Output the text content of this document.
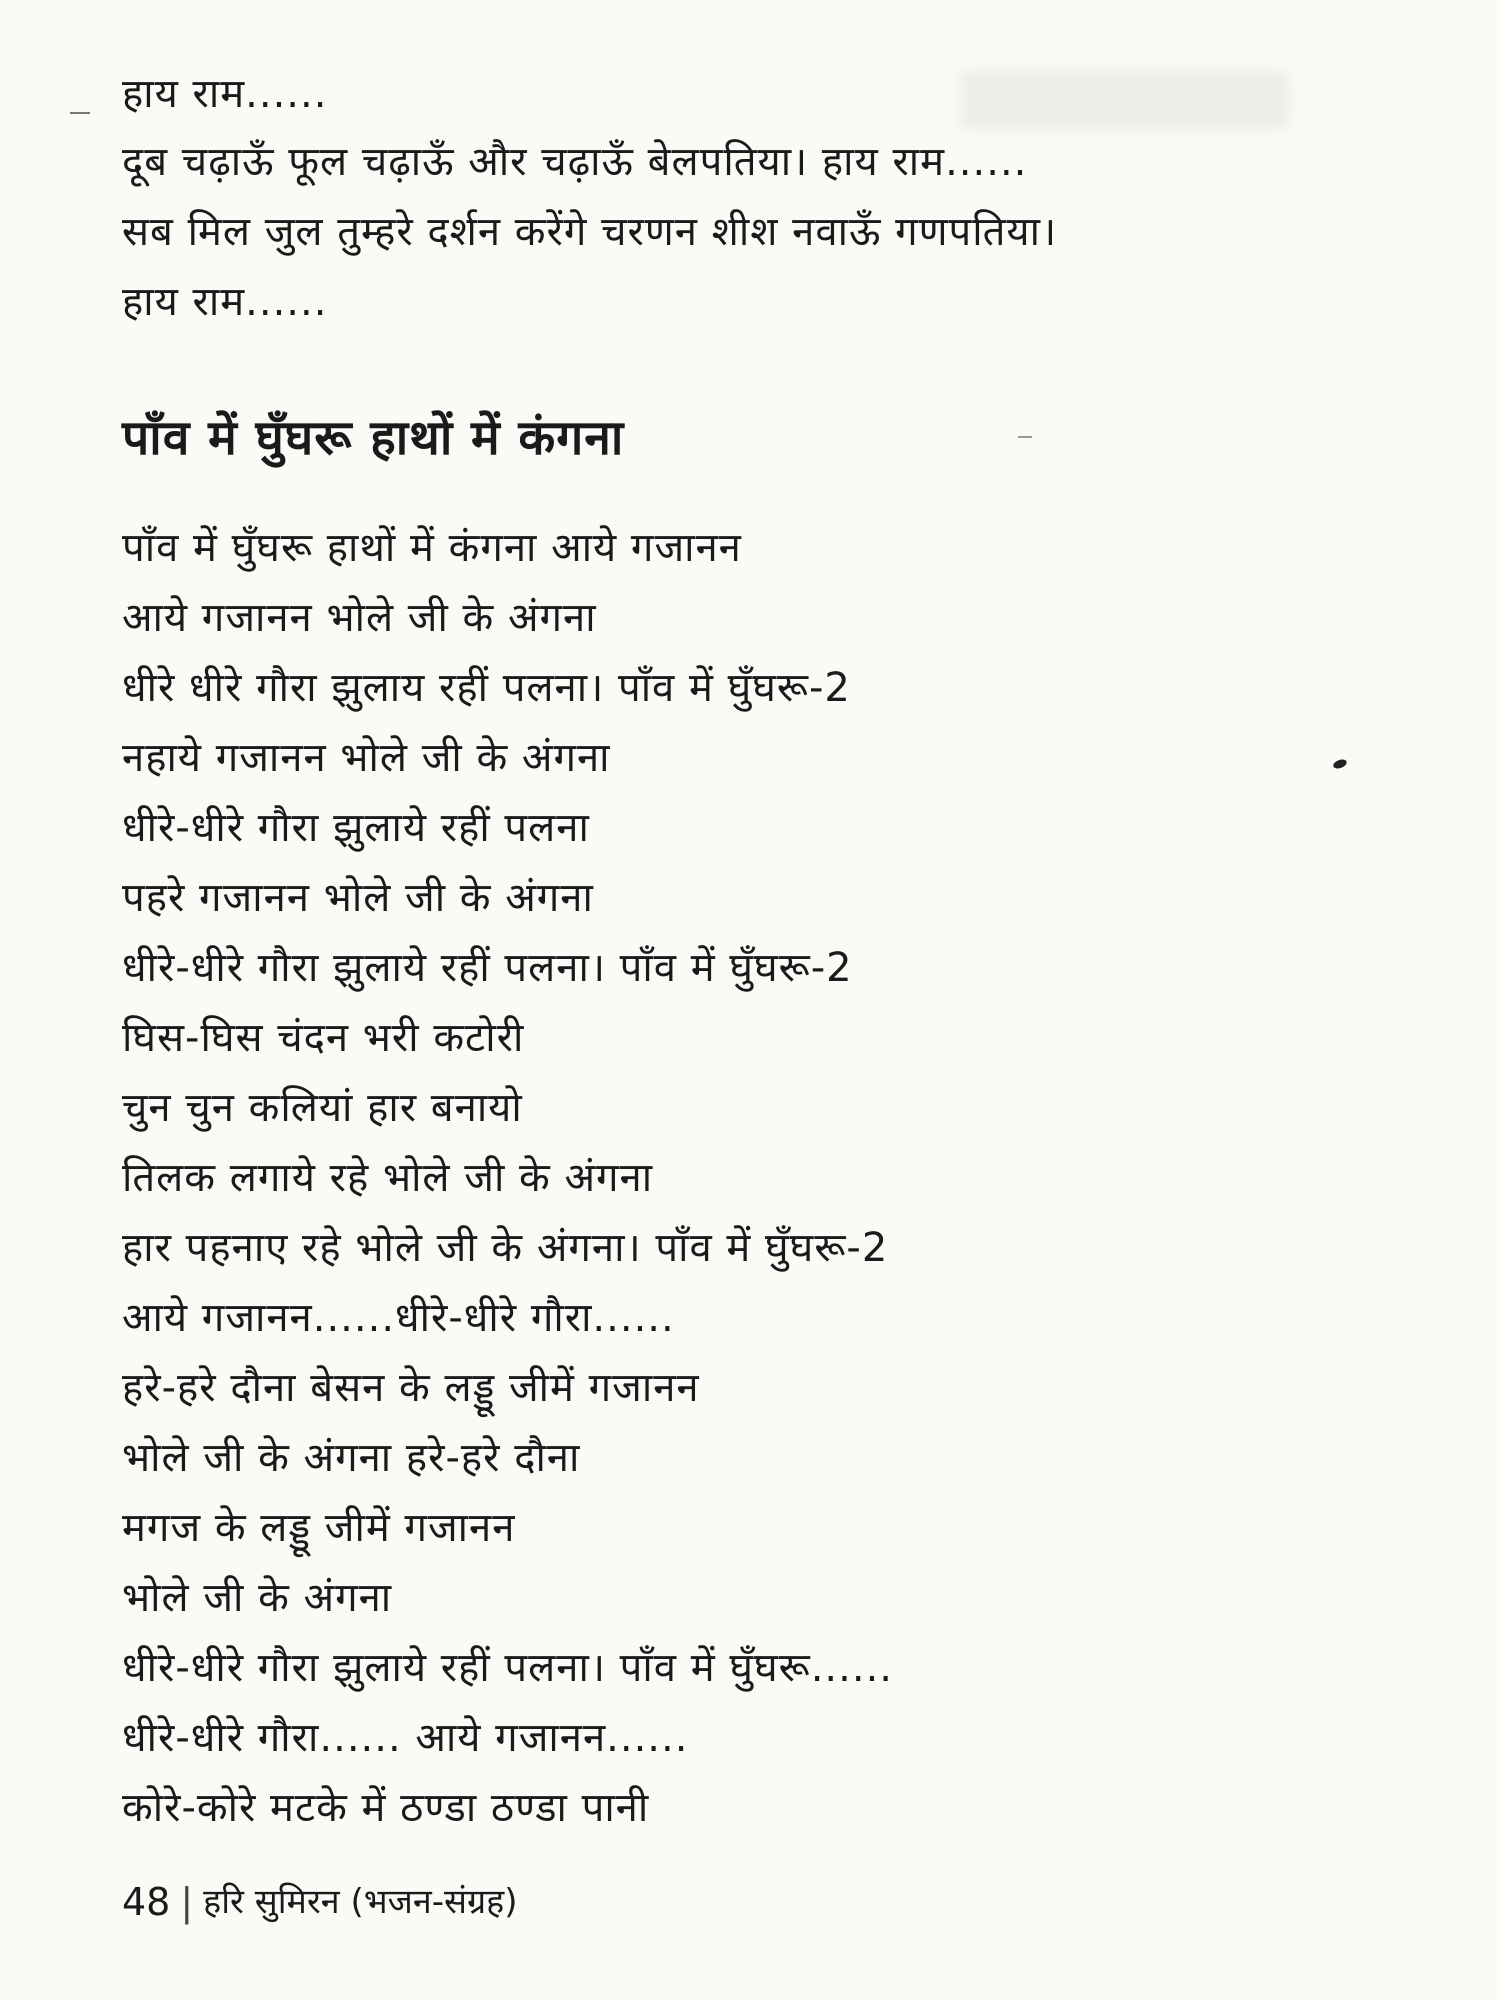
हाय राम......
दूब चढ़ाऊँ फूल चढ़ाऊँ और चढ़ाऊँ बेलपतिया। हाय राम......
सब मिल जुल तुम्हरे दर्शन करेंगे चरणन शीश नवाऊँ गणपतिया।
हाय राम......
पाँव में घुँघरू हाथों में कंगना
पाँव में घुँघरू हाथों में कंगना आये गजानन
आये गजानन भोले जी के अंगना
धीरे धीरे गौरा झुलाय रहीं पलना। पाँव में घुँघरू-2
नहाये गजानन भोले जी के अंगना
धीरे-धीरे गौरा झुलाये रहीं पलना
पहरे गजानन भोले जी के अंगना
धीरे-धीरे गौरा झुलाये रहीं पलना। पाँव में घुँघरू-2
घिस-घिस चंदन भरी कटोरी
चुन चुन कलियां हार बनायो
तिलक लगाये रहे भोले जी के अंगना
हार पहनाए रहे भोले जी के अंगना। पाँव में घुँघरू-2
आये गजानन......धीरे-धीरे गौरा......
हरे-हरे दौना बेसन के लड्डू जीमें गजानन
भोले जी के अंगना हरे-हरे दौना
मगज के लड्डू जीमें गजानन
भोले जी के अंगना
धीरे-धीरे गौरा झुलाये रहीं पलना। पाँव में घुँघरू......
धीरे-धीरे गौरा...... आये गजानन......
कोरे-कोरे मटके में ठण्डा ठण्डा पानी
48 | हरि सुमिरन (भजन-संग्रह)
